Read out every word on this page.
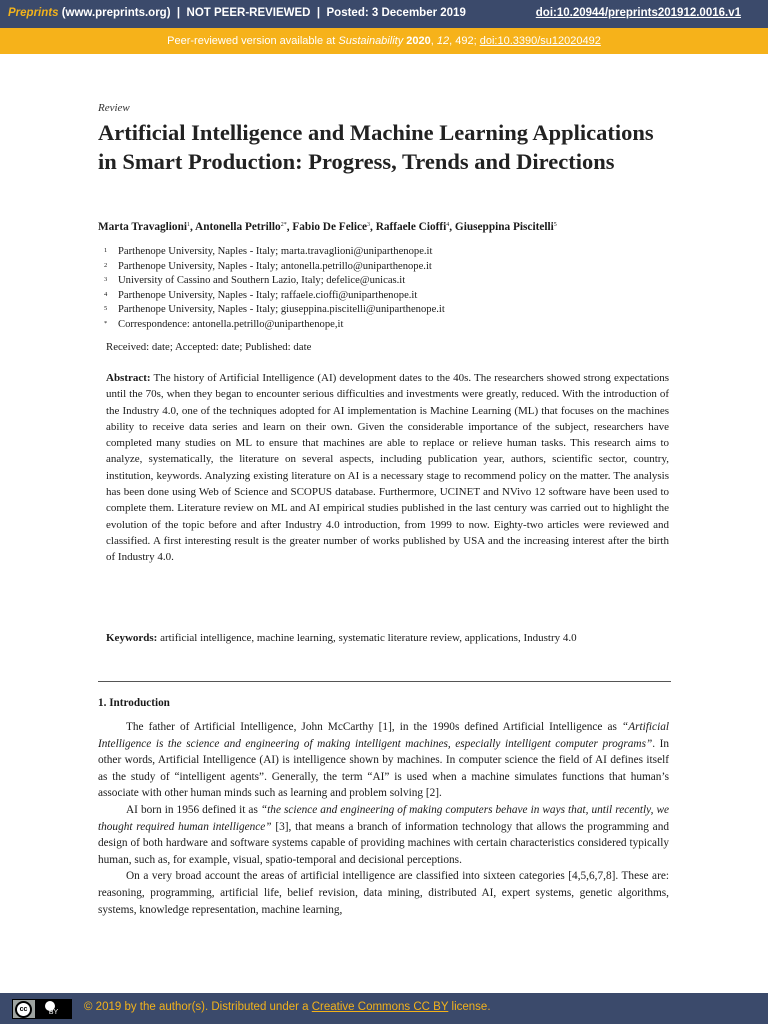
Preprints (www.preprints.org) | NOT PEER-REVIEWED | Posted: 3 December 2019	doi:10.20944/preprints201912.0016.v1
Peer-reviewed version available at Sustainability 2020, 12, 492; doi:10.3390/su12020492
Review
Artificial Intelligence and Machine Learning Applications in Smart Production: Progress, Trends and Directions
Marta Travaglioni$^1$, Antonella Petrillo$^{2*}$, Fabio De Felice$^3$, Raffaele Cioffi$^4$, Giuseppina Piscitelli$^5$
1 Parthenope University, Naples - Italy; marta.travaglioni@uniparthenope.it
2 Parthenope University, Naples - Italy; antonella.petrillo@uniparthenope.it
3 University of Cassino and Southern Lazio, Italy; defelice@unicas.it
4 Parthenope University, Naples - Italy; raffaele.cioffi@uniparthenope.it
5 Parthenope University, Naples - Italy; giuseppina.piscitelli@uniparthenope.it
* Correspondence: antonella.petrillo@uniparthenope,it
Received: date; Accepted: date; Published: date
Abstract: The history of Artificial Intelligence (AI) development dates to the 40s. The researchers showed strong expectations until the 70s, when they began to encounter serious difficulties and investments were greatly, reduced. With the introduction of the Industry 4.0, one of the techniques adopted for AI implementation is Machine Learning (ML) that focuses on the machines ability to receive data series and learn on their own. Given the considerable importance of the subject, researchers have completed many studies on ML to ensure that machines are able to replace or relieve human tasks. This research aims to analyze, systematically, the literature on several aspects, including publication year, authors, scientific sector, country, institution, keywords. Analyzing existing literature on AI is a necessary stage to recommend policy on the matter. The analysis has been done using Web of Science and SCOPUS database. Furthermore, UCINET and NVivo 12 software have been used to complete them. Literature review on ML and AI empirical studies published in the last century was carried out to highlight the evolution of the topic before and after Industry 4.0 introduction, from 1999 to now. Eighty-two articles were reviewed and classified. A first interesting result is the greater number of works published by USA and the increasing interest after the birth of Industry 4.0.
Keywords: artificial intelligence, machine learning, systematic literature review, applications, Industry 4.0
1. Introduction

The father of Artificial Intelligence, John McCarthy [1], in the 1990s defined Artificial Intelligence as “Artificial Intelligence is the science and engineering of making intelligent machines, especially intelligent computer programs”. In other words, Artificial Intelligence (AI) is intelligence shown by machines. In computer science the field of AI defines itself as the study of “intelligent agents”. Generally, the term “AI” is used when a machine simulates functions that human’s associate with other human minds such as learning and problem solving [2].

AI born in 1956 defined it as “the science and engineering of making computers behave in ways that, until recently, we thought required human intelligence” [3], that means a branch of information technology that allows the programming and design of both hardware and software systems capable of providing machines with certain characteristics considered typically human, such as, for example, visual, spatio-temporal and decisional perceptions.

On a very broad account the areas of artificial intelligence are classified into sixteen categories [4,5,6,7,8]. These are: reasoning, programming, artificial life, belief revision, data mining, distributed AI, expert systems, genetic algorithms, systems, knowledge representation, machine learning,

cc	BY	© 2019 by the author(s). Distributed under a Creative Commons CC BY license.
